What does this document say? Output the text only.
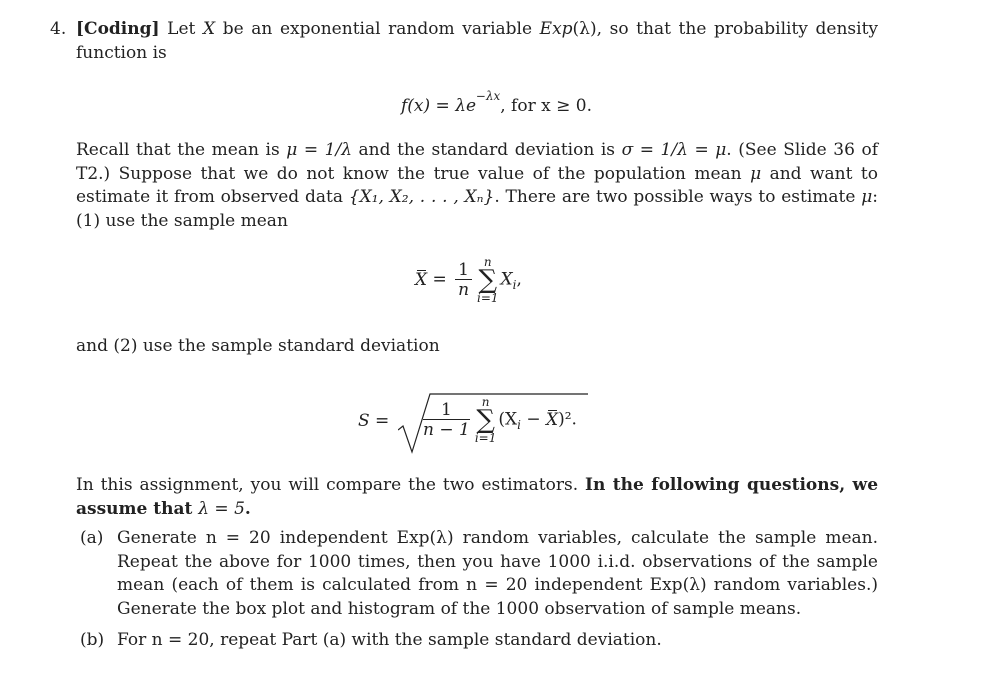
4. [Coding] Let X be an exponential random variable Exp(λ), so that the probability density function is
$f(x) = \lambda e^{-\lambda x}$, for x ≥ 0.
Recall that the mean is μ = 1/λ and the standard deviation is σ = 1/λ = μ. (See Slide 36 of T2.) Suppose that we do not know the true value of the population mean μ and want to estimate it from observed data {X₁, X₂, . . . , Xₙ}. There are two possible ways to estimate μ: (1) use the sample mean
$X = \frac{1}{n}$ n
∑
$i=1X_i$,
and (2) use the sample standard deviation
$S = \frac{1}{n - 1}$ n
∑
$i=1(X_i - X)^2$.
In this assignment, you will compare the two estimators. In the following questions, we assume that λ = 5.
(a) Generate n = 20 independent Exp(λ) random variables, calculate the sample mean. Repeat the above for 1000 times, then you have 1000 i.i.d. observations of the sample mean (each of them is calculated from n = 20 independent Exp(λ) random variables.) Generate the box plot and histogram of the 1000 observation of sample means.
(b) For n = 20, repeat Part (a) with the sample standard deviation.
